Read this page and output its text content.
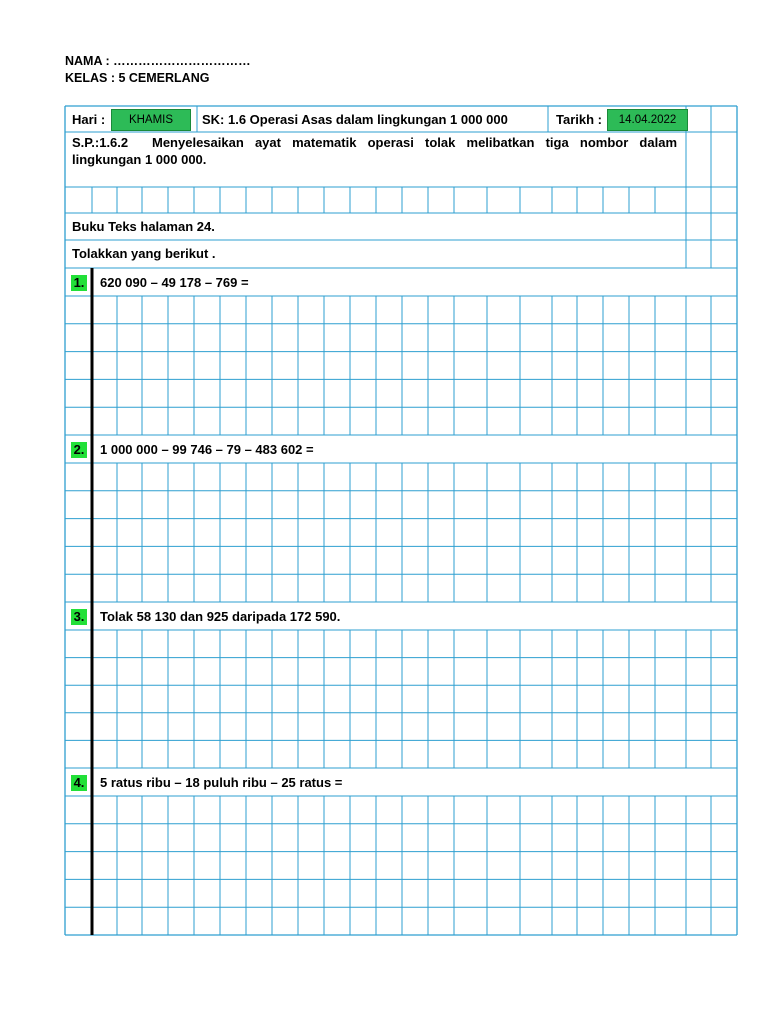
NAMA : ……………………………
KELAS : 5 CEMERLANG
Hari :	KHAMIS	SK: 1.6 Operasi Asas dalam lingkungan 1 000 000	Tarikh :	14.04.2022
S.P.:1.6.2 Menyelesaikan ayat matematik operasi tolak melibatkan tiga nombor dalam lingkungan 1 000 000.
Buku Teks halaman 24.
Tolakkan yang berikut .
1. 620 090 – 49 178 – 769 =
2. 1 000 000 – 99 746 – 79 – 483 602 =
3. Tolak 58 130 dan 925 daripada 172 590.
4. 5 ratus ribu – 18 puluh ribu – 25 ratus =
